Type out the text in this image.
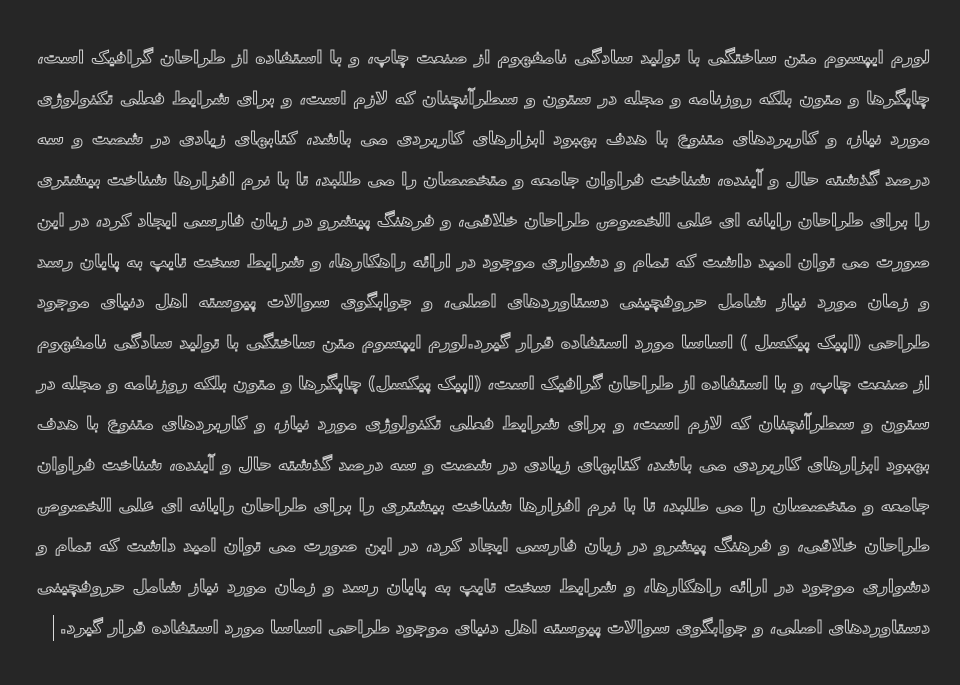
لورم ایپسوم متن ساختگی با تولید سادگی نامفهوم از صنعت چاپ، و با استفاده از طراحان گرافیک است، چاپگرها و متون بلکه روزنامه و مجله در ستون و سطرآنچنان که لازم است، و برای شرایط فعلی تکنولوژی مورد نیاز، و کاربردهای متنوع با هدف بهبود ابزارهای کاربردی می باشد، کتابهای زیادی در شصت و سه درصد گذشته حال و آینده، شناخت فراوان جامعه و متخصصان را می طلبد، تا با نرم افزارها شناخت بیشتری را برای طراحان رایانه ای علی الخصوص طراحان خلاقی، و فرهنگ پیشرو در زبان فارسی ایجاد کرد، در این صورت می توان امید داشت که تمام و دشواری موجود در ارائه راهکارها، و شرایط سخت تایپ به پایان رسد و زمان مورد نیاز شامل حروفچینی دستاوردهای اصلی، و جوابگوی سوالات پیوسته اهل دنیای موجود طراحی (اپیک پیکسل ) اساسا مورد استفاده قرار گیرد.لورم ایپسوم متن ساختگی با تولید سادگی نامفهوم از صنعت چاپ، و با استفاده از طراحان گرافیک است، (اپیک پیکسل) چاپگرها و متون بلکه روزنامه و مجله در ستون و سطرآنچنان که لازم است، و برای شرایط فعلی تکنولوژی مورد نیاز، و کاربردهای متنوع با هدف بهبود ابزارهای کاربردی می باشد، کتابهای زیادی در شصت و سه درصد گذشته حال و آینده، شناخت فراوان جامعه و متخصصان را می طلبد، تا با نرم افزارها شناخت بیشتری را برای طراحان رایانه ای علی الخصوص طراحان خلاقی، و فرهنگ پیشرو در زبان فارسی ایجاد کرد، در این صورت می توان امید داشت که تمام و دشواری موجود در ارائه راهکارها، و شرایط سخت تایپ به پایان رسد و زمان مورد نیاز شامل حروفچینی دستاوردهای اصلی، و جوابگوی سوالات پیوسته اهل دنیای موجود طراحی اساسا مورد استفاده قرار گیرد.
